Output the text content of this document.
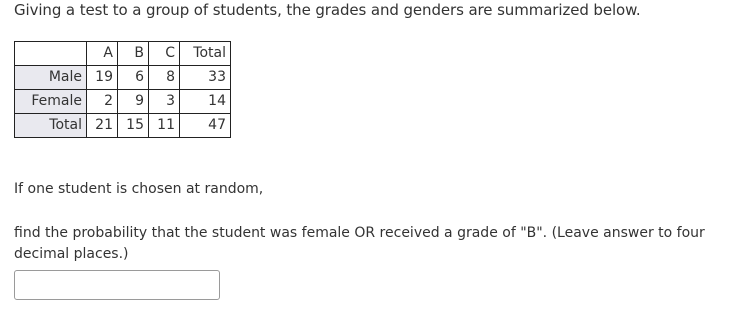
Giving a test to a group of students, the grades and genders are summarized below.
	A	B	C	Total
Male	19	6	8	33
Female	2	9	3	14
Total	21	15	11	47
If one student is chosen at random,
find the probability that the student was female OR received a grade of "B". (Leave answer to four decimal places.)
